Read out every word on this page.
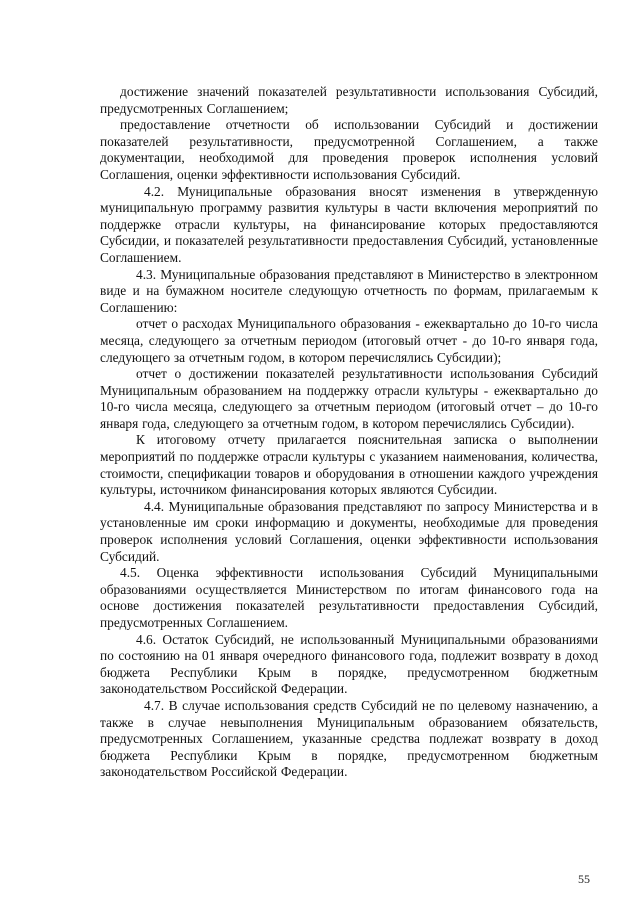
достижение значений показателей результативности использования Субсидий, предусмотренных Соглашением;

предоставление отчетности об использовании Субсидий и достижении показателей результативности, предусмотренной Соглашением, а также документации, необходимой для проведения проверок исполнения условий Соглашения, оценки эффективности использования Субсидий.

4.2. Муниципальные образования вносят изменения в утвержденную муниципальную программу развития культуры в части включения мероприятий по поддержке отрасли культуры, на финансирование которых предоставляются Субсидии, и показателей результативности предоставления Субсидий, установленные Соглашением.

4.3. Муниципальные образования представляют в Министерство в электронном виде и на бумажном носителе следующую отчетность по формам, прилагаемым к Соглашению:

отчет о расходах Муниципального образования - ежеквартально до 10-го числа месяца, следующего за отчетным периодом (итоговый отчет - до 10-го января года, следующего за отчетным годом, в котором перечислялись Субсидии);

отчет о достижении показателей результативности использования Субсидий Муниципальным образованием на поддержку отрасли культуры - ежеквартально до 10-го числа месяца, следующего за отчетным периодом (итоговый отчет – до 10-го января года, следующего за отчетным годом, в котором перечислялись Субсидии).

К итоговому отчету прилагается пояснительная записка о выполнении мероприятий по поддержке отрасли культуры с указанием наименования, количества, стоимости, спецификации товаров и оборудования в отношении каждого учреждения культуры, источником финансирования которых являются Субсидии.

4.4. Муниципальные образования представляют по запросу Министерства и в установленные им сроки информацию и документы, необходимые для проведения проверок исполнения условий Соглашения, оценки эффективности использования Субсидий.

4.5. Оценка эффективности использования Субсидий Муниципальными образованиями осуществляется Министерством по итогам финансового года на основе достижения показателей результативности предоставления Субсидий, предусмотренных Соглашением.

4.6. Остаток Субсидий, не использованный Муниципальными образованиями по состоянию на 01 января очередного финансового года, подлежит возврату в доход бюджета Республики Крым в порядке, предусмотренном бюджетным законодательством Российской Федерации.

4.7. В случае использования средств Субсидий не по целевому назначению, а также в случае невыполнения Муниципальным образованием обязательств, предусмотренных Соглашением, указанные средства подлежат возврату в доход бюджета Республики Крым в порядке, предусмотренном бюджетным законодательством Российской Федерации.

55
